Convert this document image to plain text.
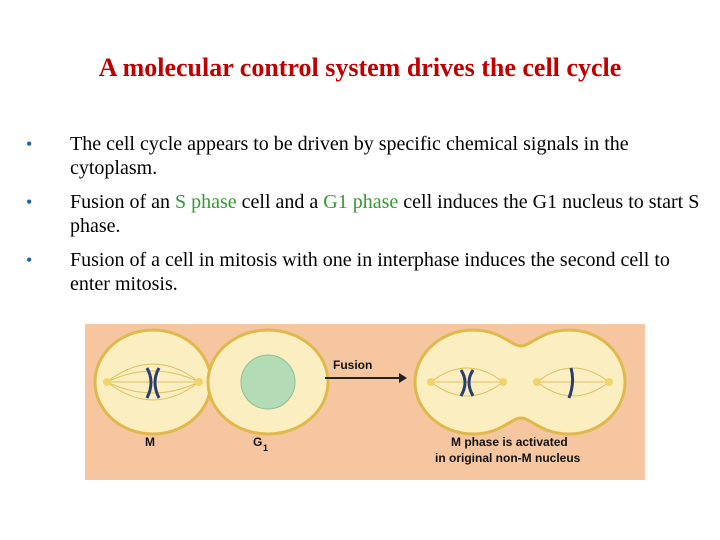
A molecular control system drives the cell cycle
• The cell cycle appears to be driven by specific chemical signals in the cytoplasm.
• Fusion of an S phase cell and a G1 phase cell induces the G1 nucleus to start S phase.
• Fusion of a cell in mitosis with one in interphase induces the second cell to enter mitosis.
Fusion
M	G 1	M phase is activated
in original non-M nucleus
